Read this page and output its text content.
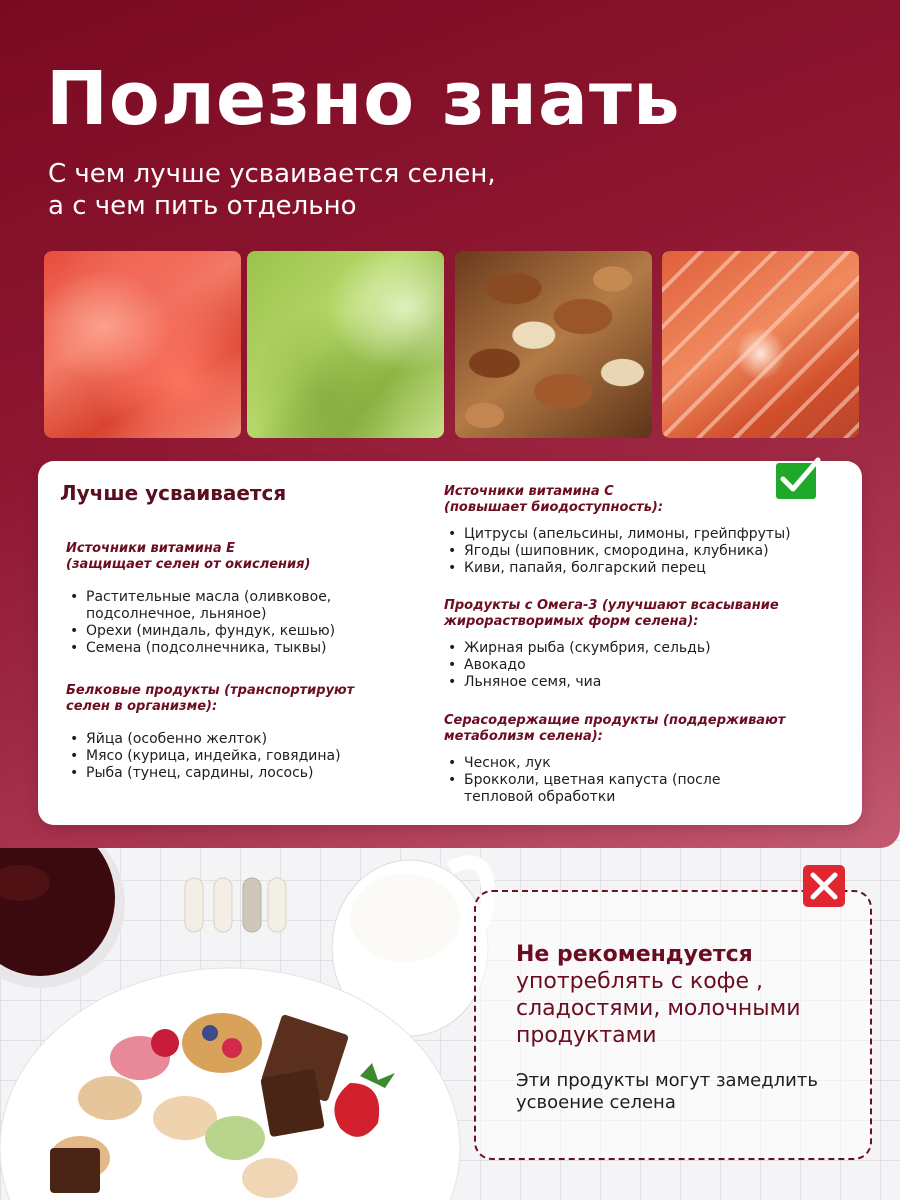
Полезно знать
С чем лучше усваивается селен,
а с чем пить отдельно
Лучше усваивается
Источники витамина Е
(защищает селен от окисления)
• Растительные масла (оливковое,
подсолнечное, льняное)
• Орехи (миндаль, фундук, кешью)
• Семена (подсолнечника, тыквы)
Белковые продукты (транспортируют
селен в организме):
• Яйца (особенно желток)
• Мясо (курица, индейка, говядина)
• Рыба (тунец, сардины, лосось)
Источники витамина С
(повышает биодоступность):
• Цитрусы (апельсины, лимоны, грейпфруты)
• Ягоды (шиповник, смородина, клубника)
• Киви, папайя, болгарский перец
Продукты с Омега-3 (улучшают всасывание
жирорастворимых форм селена):
• Жирная рыба (скумбрия, сельдь)
• Авокадо
• Льняное семя, чиа
Серасодержащие продукты (поддерживают
метаболизм селена):
• Чеснок, лук
• Брокколи, цветная капуста (после
тепловой обработки
Не рекомендуется
употреблять с кофе ,
сладостями, молочными
продуктами
Эти продукты могут замедлить
усвоение селена
